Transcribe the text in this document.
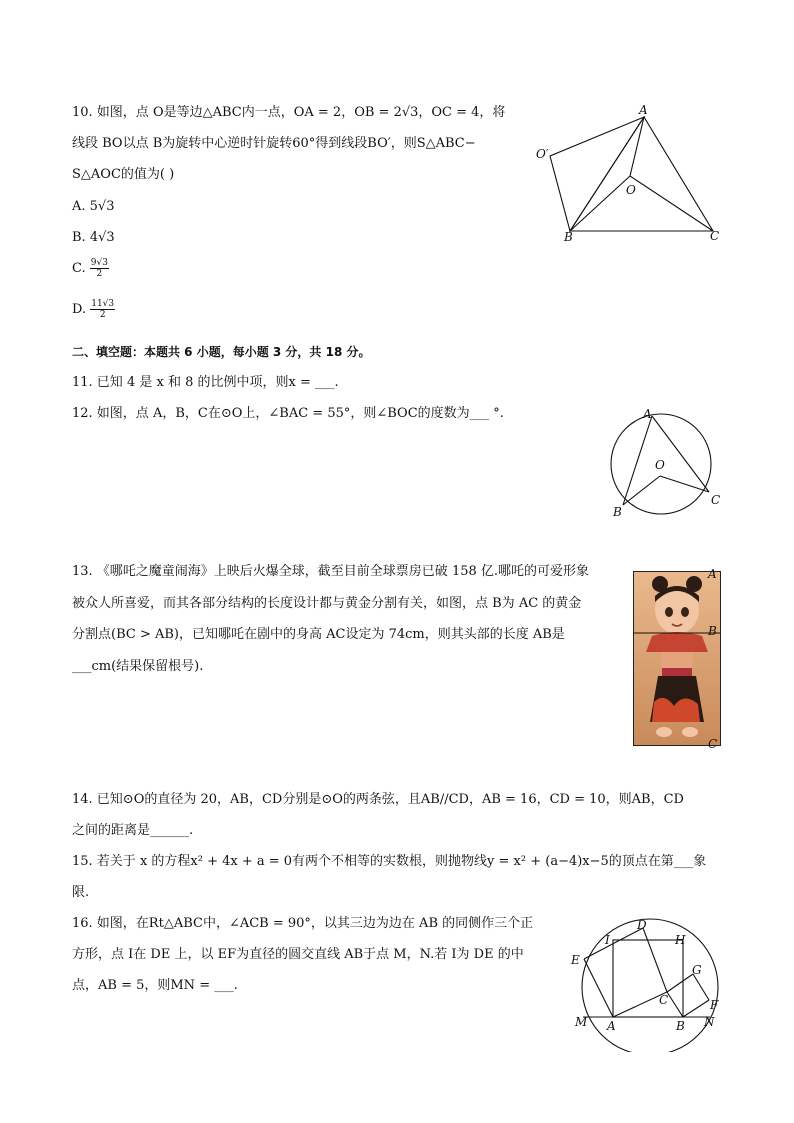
10. 如图，点 O是等边△ABC内一点，OA = 2，OB = 2√3，OC = 4，将
线段 BO以点 B为旋转中心逆时针旋转60°得到线段BO′，则S△ABC−
S△AOC的值为( )
A. 5√3
B. 4√3
C. $\frac{9√3}{2}$
D. $\frac{11√3}{2}$
A
O′
O
B	C
二、填空题：本题共 6 小题，每小题 3 分，共 18 分。
11. 已知 4 是 x 和 8 的比例中项，则x = ___.
12. 如图，点 A，B，C在⊙O上，∠BAC = 55°，则∠BOC的度数为___ °.	A
O
B
C
13. 《哪吒之魔童闹海》上映后火爆全球，截至目前全球票房已破 158 亿.哪吒的可爱形象
被众人所喜爱，而其各部分结构的长度设计都与黄金分割有关，如图，点 B为 AC 的黄金
分割点(BC > AB)，已知哪吒在剧中的身高 AC设定为 74cm，则其头部的长度 AB是
___cm(结果保留根号).
A
B
C
14. 已知⊙O的直径为 20，AB，CD分别是⊙O的两条弦，且AB//CD，AB = 16，CD = 10，则AB，CD
之间的距离是______.
15. 若关于 x 的方程x² + 4x + a = 0有两个不相等的实数根，则抛物线y = x² + (a−4)x−5的顶点在第___象
限.
16. 如图，在Rt△ABC中，∠ACB = 90°，以其三边为边在 AB 的同侧作三个正
方形，点 I在 DE 上，以 EF为直径的圆交直线 AB于点 M，N.若 I为 DE 的中
点，AB = 5，则MN = ___.
I
D
H
E
G
C	F
M A	B N
